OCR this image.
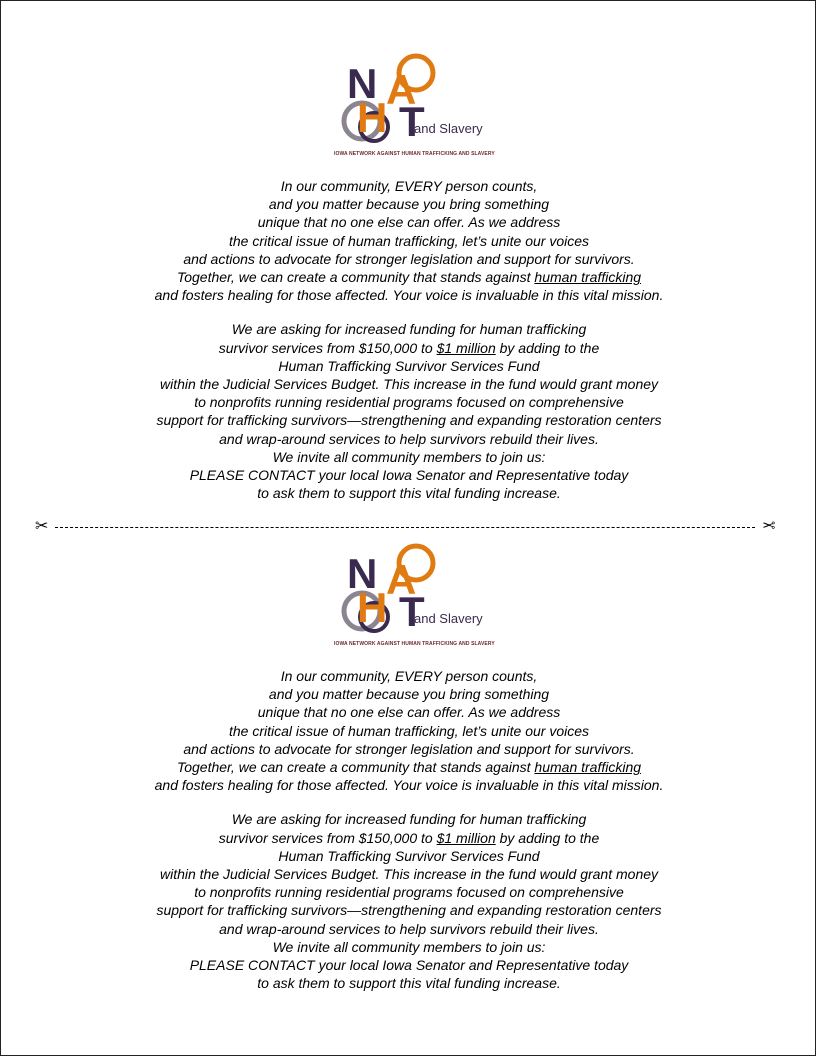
N A
H T
and Slavery
IOWA NETWORK AGAINST HUMAN TRAFFICKING AND SLAVERY

In our community, EVERY person counts,
and you matter because you bring something
unique that no one else can offer. As we address
the critical issue of human trafficking, let’s unite our voices
and actions to advocate for stronger legislation and support for survivors.
Together, we can create a community that stands against human trafficking
and fosters healing for those affected. Your voice is invaluable in this vital mission.

We are asking for increased funding for human trafficking
survivor services from $150,000 to $1 million by adding to the
Human Trafficking Survivor Services Fund
within the Judicial Services Budget. This increase in the fund would grant money
to nonprofits running residential programs focused on comprehensive
support for trafficking survivors—strengthening and expanding restoration centers
and wrap-around services to help survivors rebuild their lives.
We invite all community members to join us:
PLEASE CONTACT your local Iowa Senator and Representative today
to ask them to support this vital funding increase.

✂	✂
N A
H T
and Slavery
IOWA NETWORK AGAINST HUMAN TRAFFICKING AND SLAVERY

In our community, EVERY person counts,
and you matter because you bring something
unique that no one else can offer. As we address
the critical issue of human trafficking, let’s unite our voices
and actions to advocate for stronger legislation and support for survivors.
Together, we can create a community that stands against human trafficking
and fosters healing for those affected. Your voice is invaluable in this vital mission.

We are asking for increased funding for human trafficking
survivor services from $150,000 to $1 million by adding to the
Human Trafficking Survivor Services Fund
within the Judicial Services Budget. This increase in the fund would grant money
to nonprofits running residential programs focused on comprehensive
support for trafficking survivors—strengthening and expanding restoration centers
and wrap-around services to help survivors rebuild their lives.
We invite all community members to join us:
PLEASE CONTACT your local Iowa Senator and Representative today
to ask them to support this vital funding increase.
